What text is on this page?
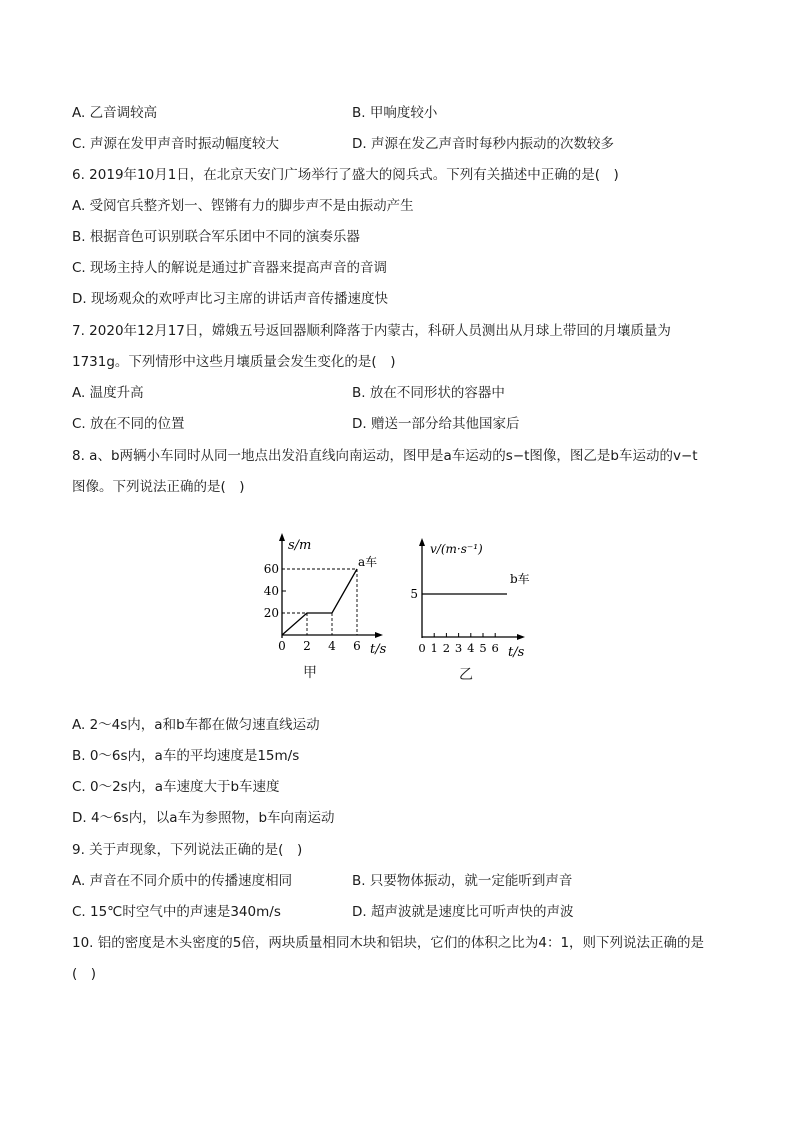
A. 乙音调较高	B. 甲响度较小
C. 声源在发甲声音时振动幅度较大	D. 声源在发乙声音时每秒内振动的次数较多
6. 2019年10月1日，在北京天安门广场举行了盛大的阅兵式。下列有关描述中正确的是(　)
A. 受阅官兵整齐划一、铿锵有力的脚步声不是由振动产生
B. 根据音色可识别联合军乐团中不同的演奏乐器
C. 现场主持人的解说是通过扩音器来提高声音的音调
D. 现场观众的欢呼声比习主席的讲话声音传播速度快
7. 2020年12月17日，嫦娥五号返回器顺利降落于内蒙古，科研人员测出从月球上带回的月壤质量为
1731g。下列情形中这些月壤质量会发生变化的是(　)
A. 温度升高	B. 放在不同形状的容器中
C. 放在不同的位置	D. 赠送一部分给其他国家后
8. a、b两辆小车同时从同一地点出发沿直线向南运动，图甲是a车运动的s−t图像，图乙是b车运动的v−t
图像。下列说法正确的是(　)
s/m
t/s
a车
20
40
60
0 2 4 6
甲
v/(m·s⁻¹)
t/s
b车
5
0 1 2 3 4 5 6
乙
A. 2～4s内，a和b车都在做匀速直线运动
B. 0～6s内，a车的平均速度是15m/s
C. 0～2s内，a车速度大于b车速度
D. 4～6s内，以a车为参照物，b车向南运动
9. 关于声现象，下列说法正确的是(　)
A. 声音在不同介质中的传播速度相同	B. 只要物体振动，就一定能听到声音
C. 15℃时空气中的声速是340m/s	D. 超声波就是速度比可听声快的声波
10. 铝的密度是木头密度的5倍，两块质量相同木块和铝块，它们的体积之比为4：1，则下列说法正确的是
(　)
